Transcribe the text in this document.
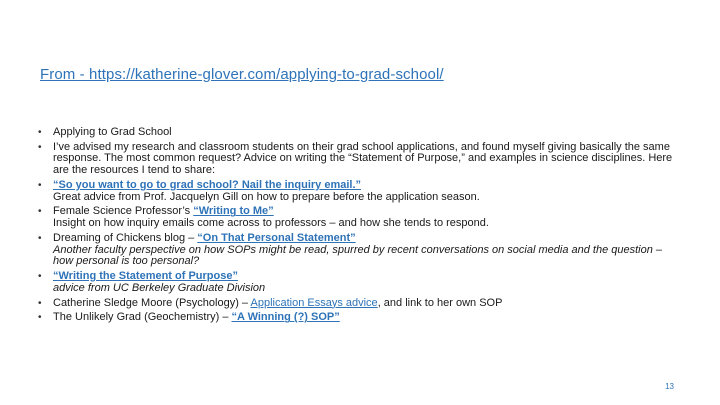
From - https://katherine-glover.com/applying-to-grad-school/
• Applying to Grad School
• I’ve advised my research and classroom students on their grad school applications, and found myself giving basically the same response. The most common request? Advice on writing the “Statement of Purpose,” and examples in science disciplines. Here are the resources I tend to share:
• “So you want to go to grad school? Nail the inquiry email.”
Great advice from Prof. Jacquelyn Gill on how to prepare before the application season.
• Female Science Professor’s “Writing to Me”
Insight on how inquiry emails come across to professors – and how she tends to respond.
• Dreaming of Chickens blog – “On That Personal Statement”
Another faculty perspective on how SOPs might be read, spurred by recent conversations on social media and the question – how personal is too personal?
• “Writing the Statement of Purpose”
advice from UC Berkeley Graduate Division
• Catherine Sledge Moore (Psychology) – Application Essays advice, and link to her own SOP
• The Unlikely Grad (Geochemistry) – “A Winning (?) SOP”
13
